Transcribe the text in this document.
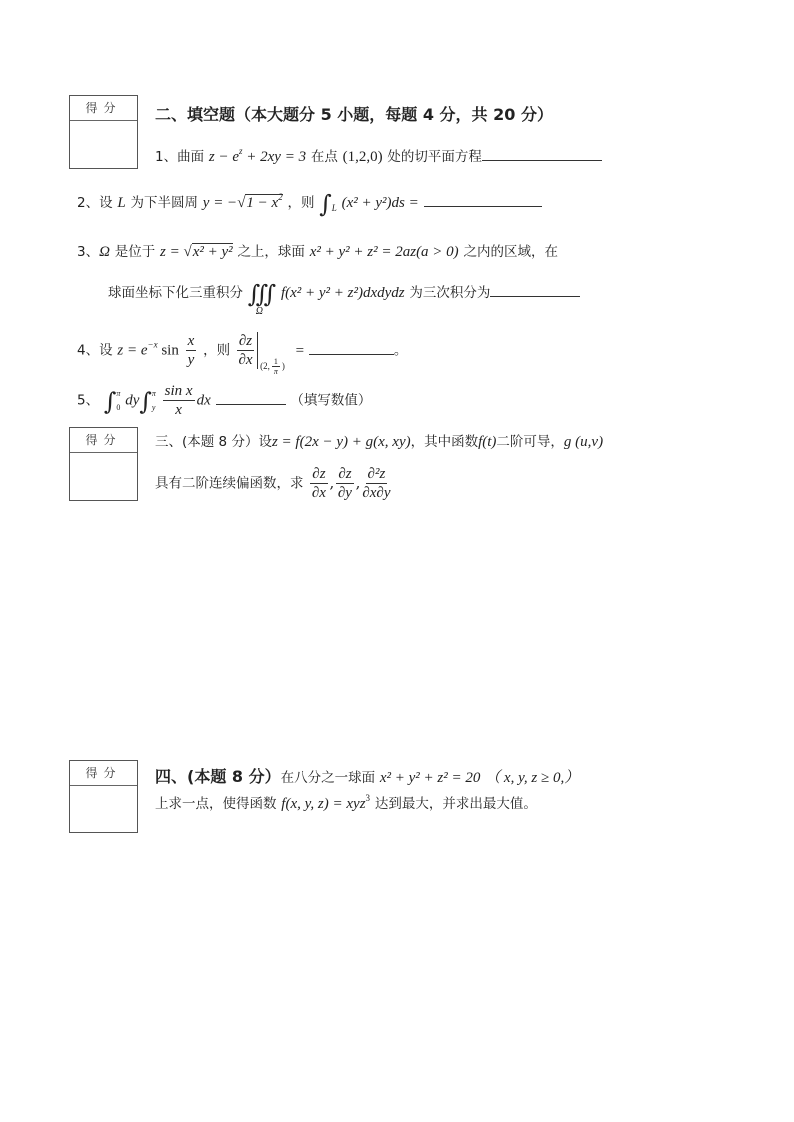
得分
得分
得分
二、填空题（本大题分 5 小题，每题 4 分，共 20 分）
1、曲面 $z - e^z + 2xy = 3$ 在点 (1,2,0) 处的切平面方程
2、设 L 为下半圆周 $y = -√1 - x^2$ ，则 $\int_L$ (x² + y²)ds =
3、Ω 是位于 z = √x² + y² 之上，球面 x² + y² + z² = 2az(a > 0) 之内的区域，在
球面坐标下化三重积分 ∭
Ω
f(x² + y² + z²)dxdydz 为三次积分为
4、设 $z = e^{-x}$ $\sin \frac{x}{y}$ ，则 $\frac{\partial z}{\partial x} _{(2, \frac{1}{\pi} )}$ =	。
5、 ∫ π
0 dy∫ π
y
$\frac{\text{sin x}}{x}$ dx	（填写数值）
三、(本题 8 分）设z = f(2x − y) + g(x, xy)，其中函数f(t)二阶可导，g (u,v)
具有二阶连续偏函数，求 $\frac{\partial z}{\partial x}$ , $\frac{\partial z}{\partial y}$ , $\frac{\text{∂²z}}{\partial x\partial y}$
四、(本题 8 分）在八分之一球面 x² + y² + z² = 20 （ x, y, z ≥ 0,）
上求一点，使得函数 f(x, y, z) = xyz$^3$ 达到最大，并求出最大值。
